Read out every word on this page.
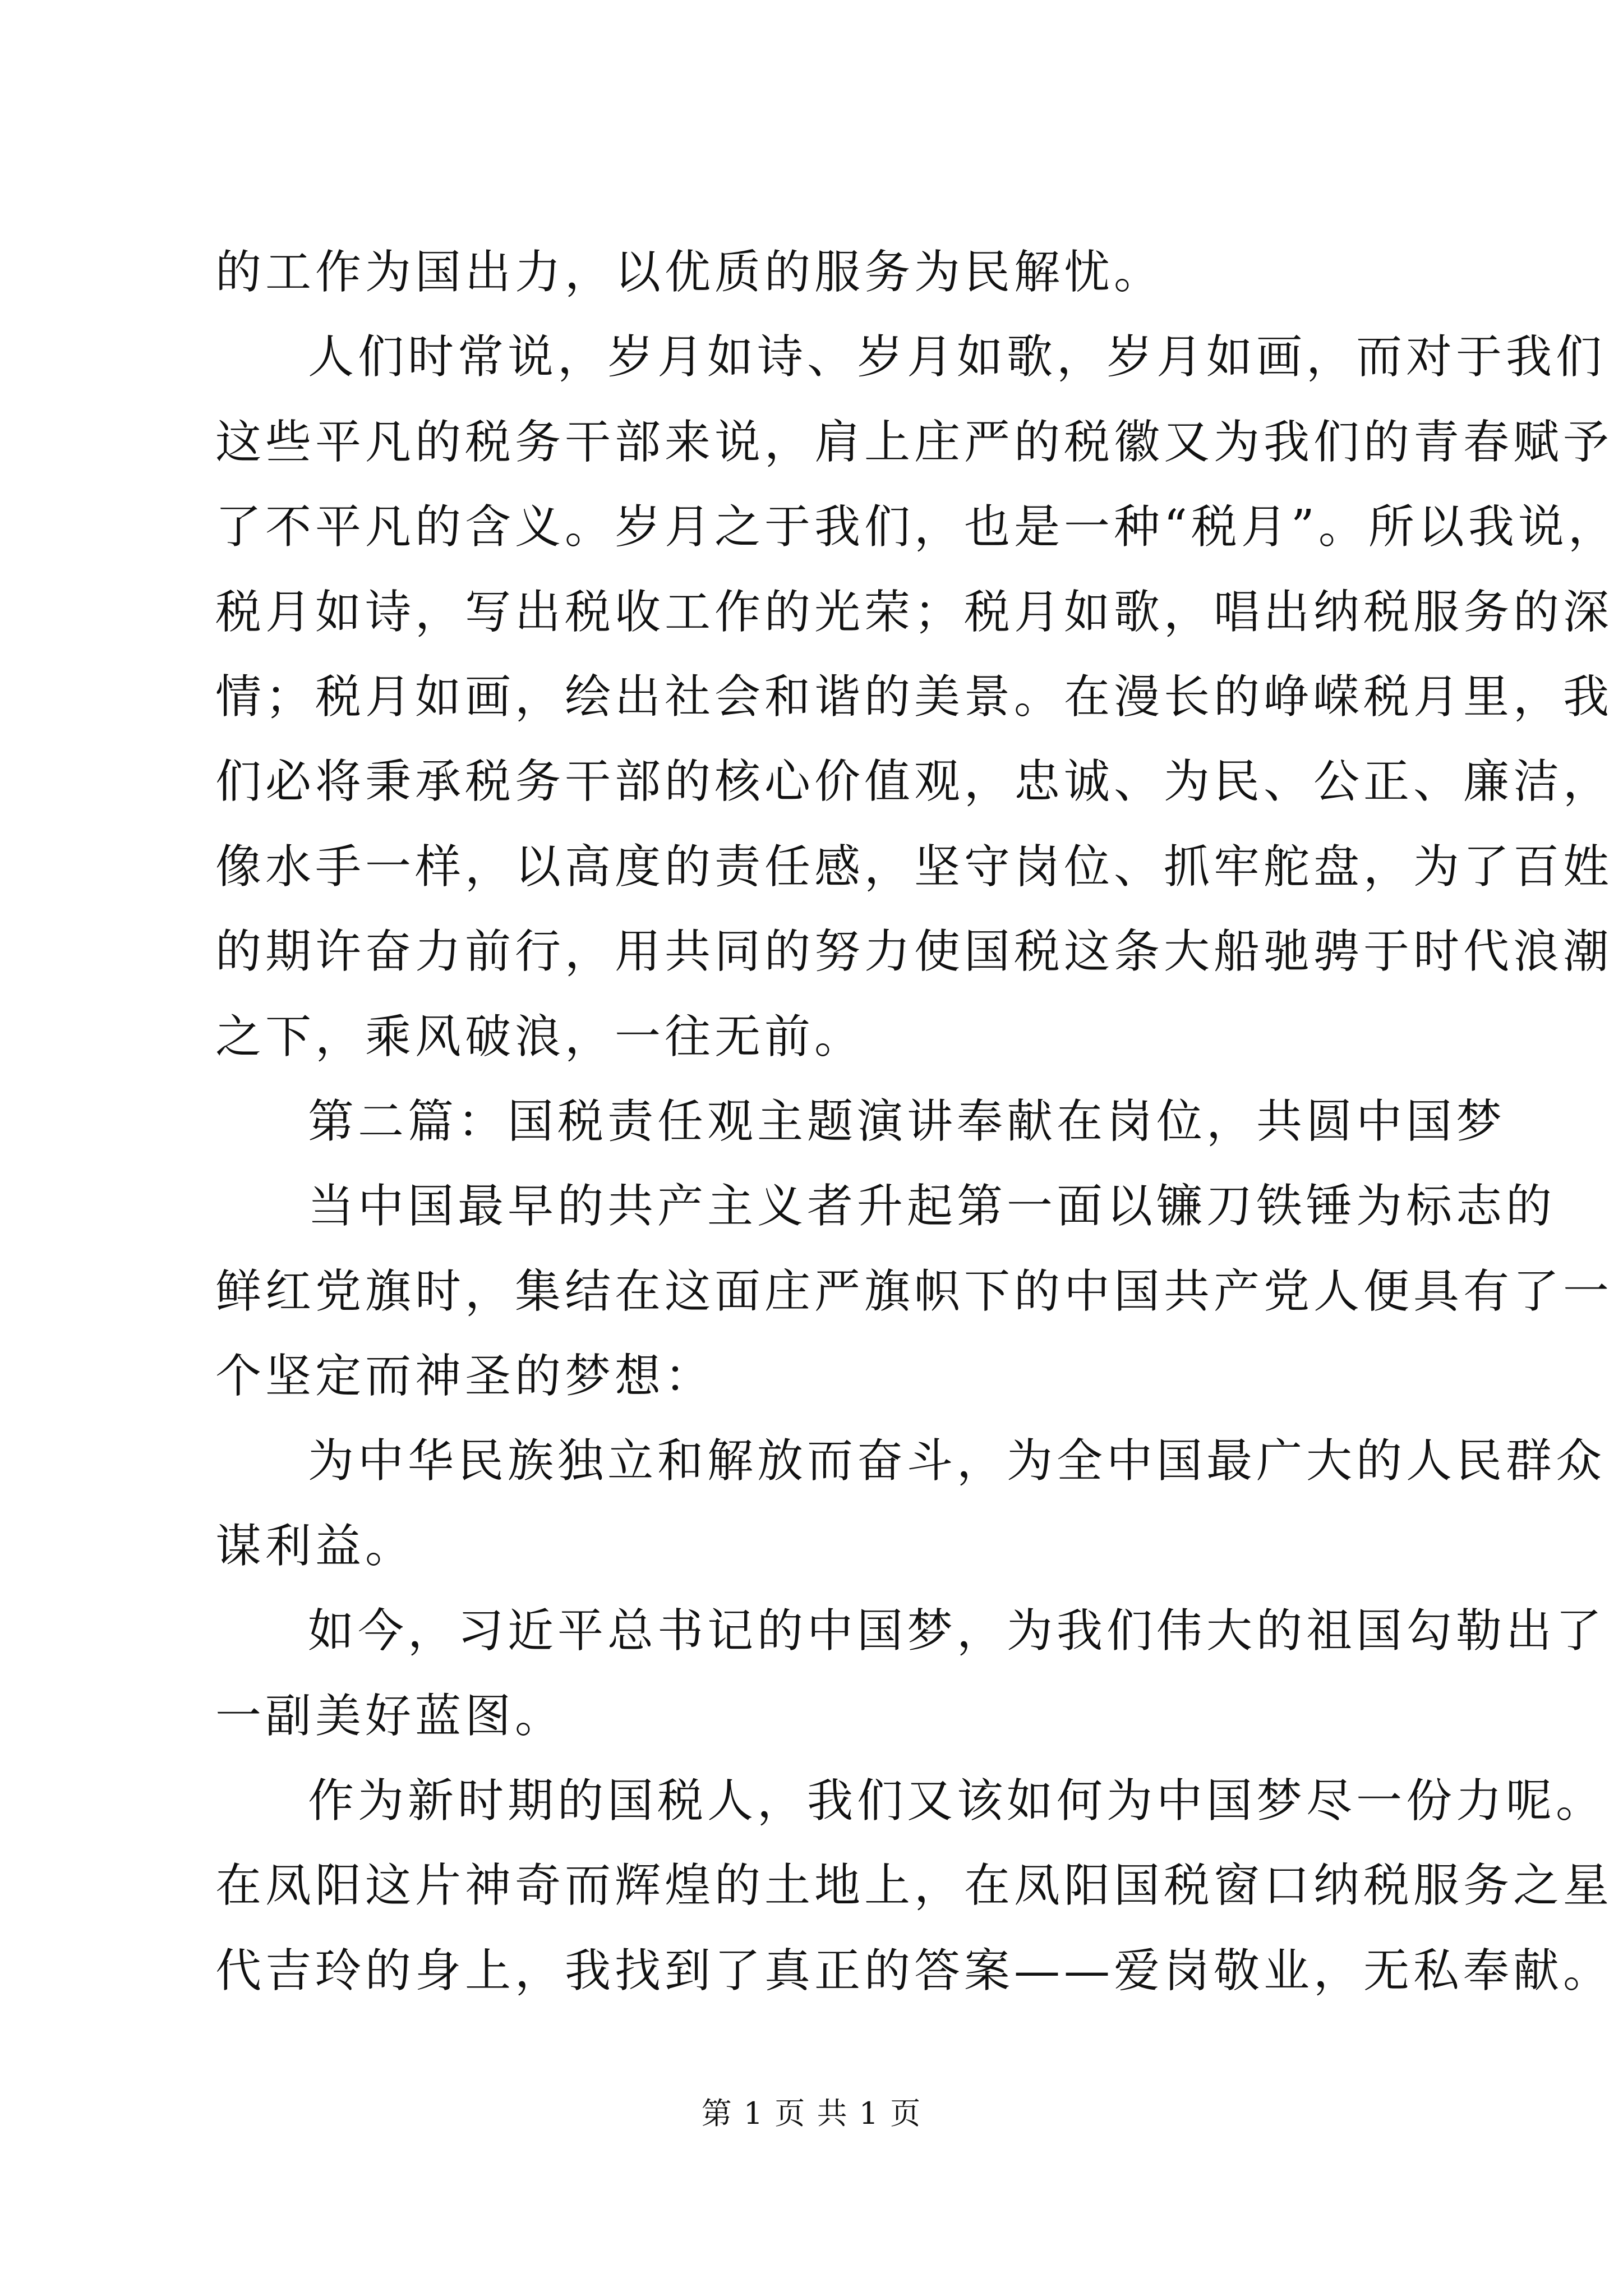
的工作为国出力，以优质的服务为民解忧。
人们时常说，岁月如诗、岁月如歌，岁月如画，而对于我们
这些平凡的税务干部来说，肩上庄严的税徽又为我们的青春赋予
了不平凡的含义。岁月之于我们，也是一种“税月”。所以我说，
税月如诗，写出税收工作的光荣；税月如歌，唱出纳税服务的深
情；税月如画，绘出社会和谐的美景。在漫长的峥嵘税月里，我
们必将秉承税务干部的核心价值观，忠诚、为民、公正、廉洁，
像水手一样，以高度的责任感，坚守岗位、抓牢舵盘，为了百姓
的期许奋力前行，用共同的努力使国税这条大船驰骋于时代浪潮
之下，乘风破浪，一往无前。
第二篇：国税责任观主题演讲奉献在岗位，共圆中国梦
当中国最早的共产主义者升起第一面以镰刀铁锤为标志的
鲜红党旗时，集结在这面庄严旗帜下的中国共产党人便具有了一
个坚定而神圣的梦想：
为中华民族独立和解放而奋斗，为全中国最广大的人民群众
谋利益。
如今，习近平总书记的中国梦，为我们伟大的祖国勾勒出了
一副美好蓝图。
作为新时期的国税人，我们又该如何为中国梦尽一份力呢。
在凤阳这片神奇而辉煌的土地上，在凤阳国税窗口纳税服务之星
代吉玲的身上，我找到了真正的答案——爱岗敬业，无私奉献。
第 1 页 共 1 页
